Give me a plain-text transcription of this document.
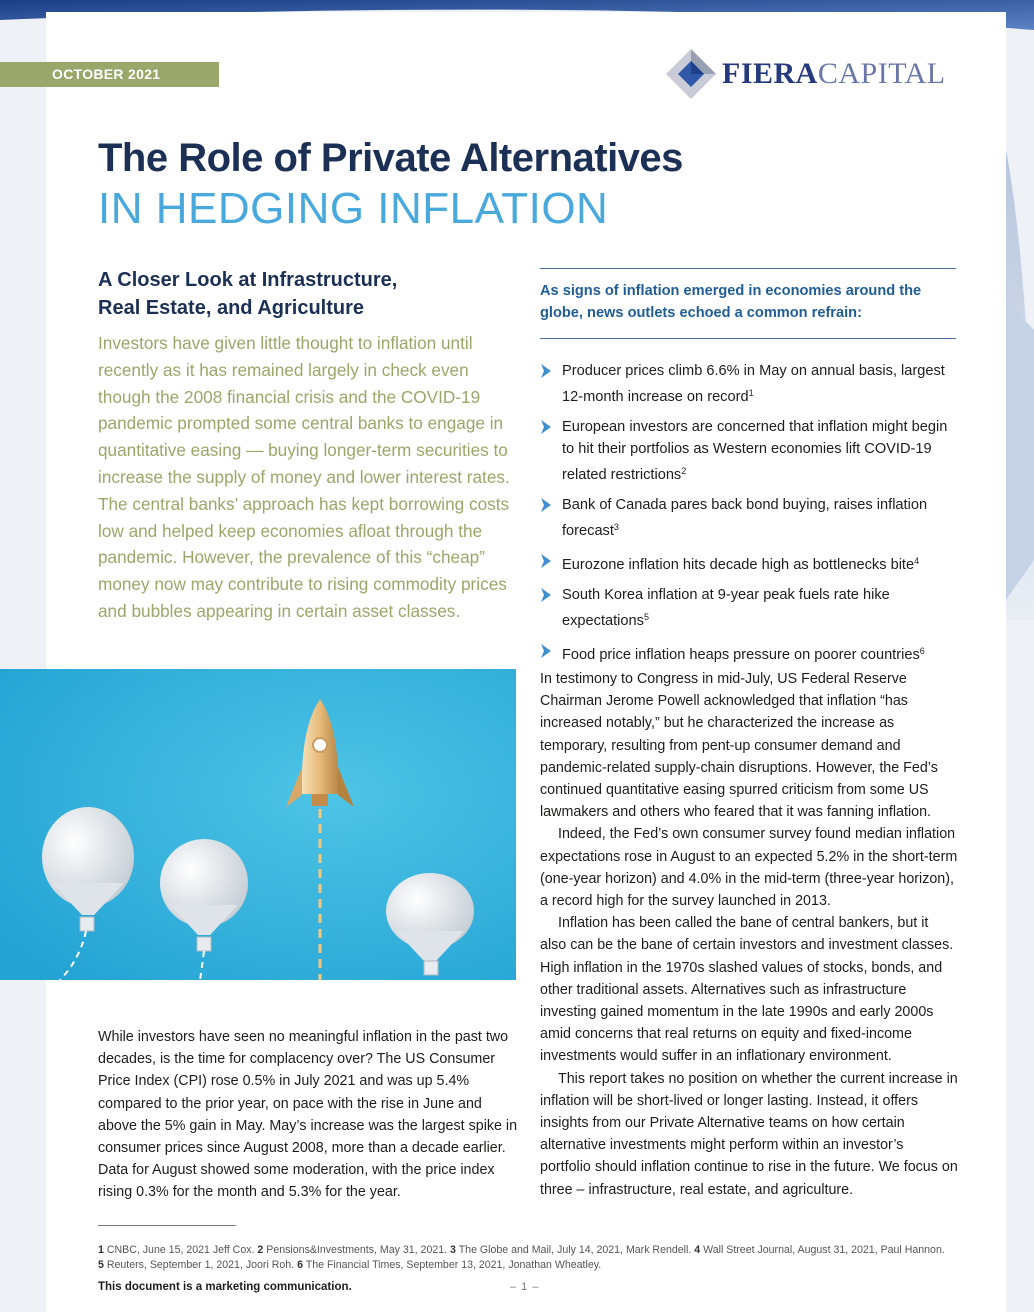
OCTOBER 2021	FIERACAPITAL
The Role of Private Alternatives
IN HEDGING INFLATION
A Closer Look at Infrastructure,
Real Estate, and Agriculture
Investors have given little thought to inflation until recently as it has remained largely in check even though the 2008 financial crisis and the COVID-19 pandemic prompted some central banks to engage in quantitative easing — buying longer-term securities to increase the supply of money and lower interest rates. The central banks’ approach has kept borrowing costs low and helped keep economies afloat through the pandemic. However, the prevalence of this “cheap” money now may contribute to rising commodity prices and bubbles appearing in certain asset classes.
As signs of inflation emerged in economies around the globe, news outlets echoed a common refrain:
Producer prices climb 6.6% in May on annual basis, largest 12-month increase on record$^1$
European investors are concerned that inflation might begin to hit their portfolios as Western economies lift COVID-19 related restrictions$^2$
Bank of Canada pares back bond buying, raises inflation forecast$^3$
Eurozone inflation hits decade high as bottlenecks bite$^4$
South Korea inflation at 9-year peak fuels rate hike expectations$^5$
Food price inflation heaps pressure on poorer countries$^6$

While investors have seen no meaningful inflation in the past two decades, is the time for complacency over? The US Consumer Price Index (CPI) rose 0.5% in July 2021 and was up 5.4% compared to the prior year, on pace with the rise in June and above the 5% gain in May. May’s increase was the largest spike in consumer prices since August 2008, more than a decade earlier. Data for August showed some moderation, with the price index rising 0.3% for the month and 5.3% for the year.

In testimony to Congress in mid-July, US Federal Reserve Chairman Jerome Powell acknowledged that inflation “has increased notably,” but he characterized the increase as temporary, resulting from pent-up consumer demand and pandemic-related supply-chain disruptions. However, the Fed’s continued quantitative easing spurred criticism from some US lawmakers and others who feared that it was fanning inflation.

Indeed, the Fed’s own consumer survey found median inflation expectations rose in August to an expected 5.2% in the short-term (one-year horizon) and 4.0% in the mid-term (three-year horizon), a record high for the survey launched in 2013.

Inflation has been called the bane of central bankers, but it also can be the bane of certain investors and investment classes. High inflation in the 1970s slashed values of stocks, bonds, and other traditional assets. Alternatives such as infrastructure investing gained momentum in the late 1990s and early 2000s amid concerns that real returns on equity and fixed-income investments would suffer in an inflationary environment.

This report takes no position on whether the current increase in inflation will be short-lived or longer lasting. Instead, it offers insights from our Private Alternative teams on how certain alternative investments might perform within an investor’s portfolio should inflation continue to rise in the future. We focus on three – infrastructure, real estate, and agriculture.

1 CNBC, June 15, 2021 Jeff Cox. 2 Pensions&Investments, May 31, 2021. 3 The Globe and Mail, July 14, 2021, Mark Rendell. 4 Wall Street Journal, August 31, 2021, Paul Hannon.
5 Reuters, September 1, 2021, Joori Roh. 6 The Financial Times, September 13, 2021, Jonathan Wheatley.
This document is a marketing communication.	– 1 –
